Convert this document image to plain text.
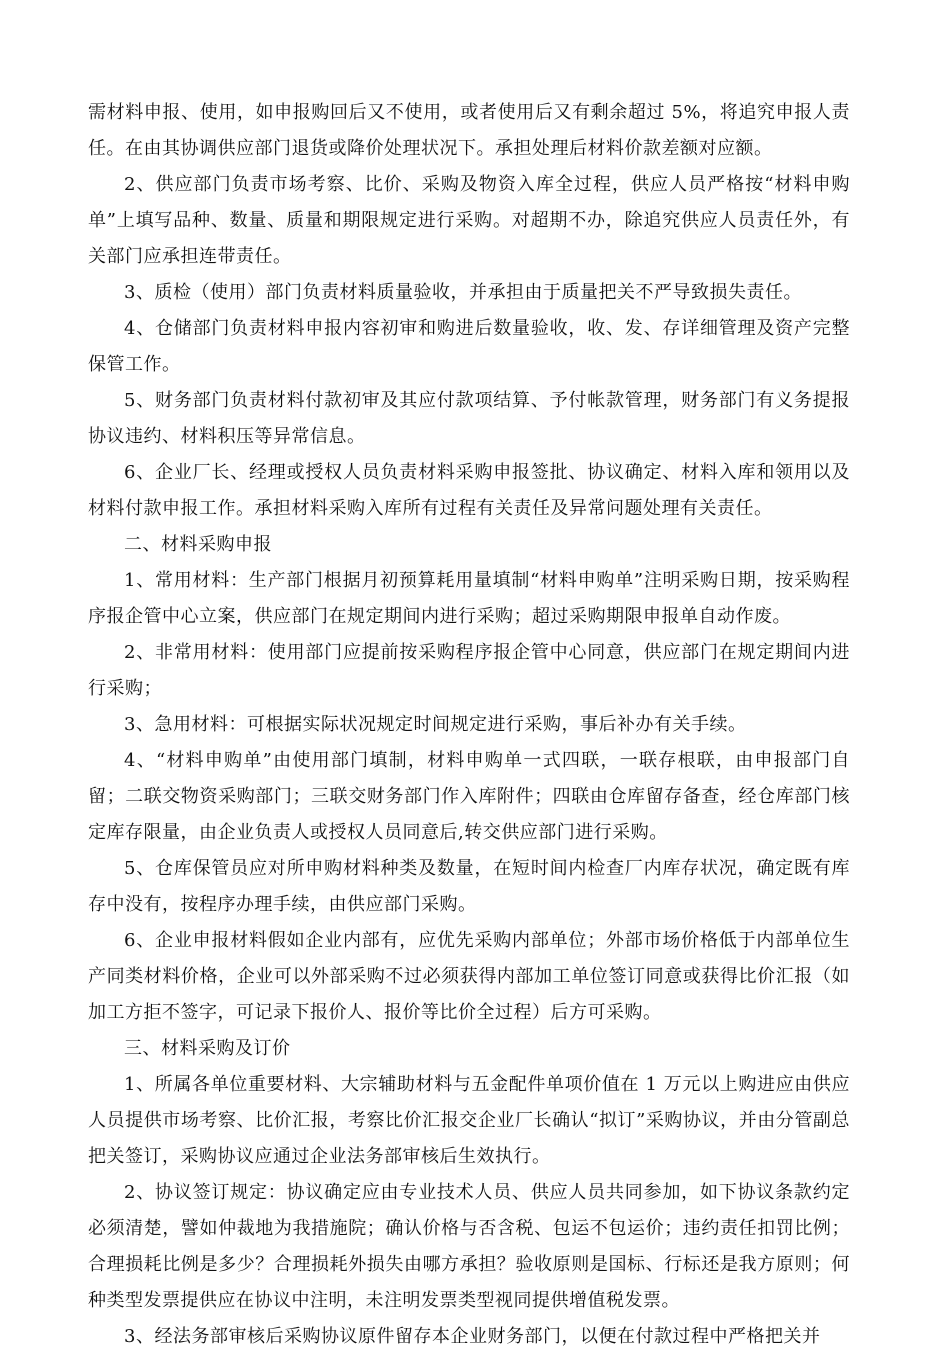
需材料申报、使用，如申报购回后又不使用，或者使用后又有剩余超过 5%，将追究申报人责任。在由其协调供应部门退货或降价处理状况下。承担处理后材料价款差额对应额。

2、供应部门负责市场考察、比价、采购及物资入库全过程，供应人员严格按“材料申购单”上填写品种、数量、质量和期限规定进行采购。对超期不办，除追究供应人员责任外，有关部门应承担连带责任。

3、质检（使用）部门负责材料质量验收，并承担由于质量把关不严导致损失责任。

4、仓储部门负责材料申报内容初审和购进后数量验收，收、发、存详细管理及资产完整保管工作。

5、财务部门负责材料付款初审及其应付款项结算、予付帐款管理，财务部门有义务提报协议违约、材料积压等异常信息。

6、企业厂长、经理或授权人员负责材料采购申报签批、协议确定、材料入库和领用以及材料付款申报工作。承担材料采购入库所有过程有关责任及异常问题处理有关责任。

二、材料采购申报

1、常用材料：生产部门根据月初预算耗用量填制“材料申购单”注明采购日期，按采购程序报企管中心立案，供应部门在规定期间内进行采购；超过采购期限申报单自动作废。

2、非常用材料：使用部门应提前按采购程序报企管中心同意，供应部门在规定期间内进行采购；

3、急用材料：可根据实际状况规定时间规定进行采购，事后补办有关手续。

4、“材料申购单”由使用部门填制，材料申购单一式四联，一联存根联，由申报部门自留；二联交物资采购部门；三联交财务部门作入库附件；四联由仓库留存备查，经仓库部门核定库存限量，由企业负责人或授权人员同意后,转交供应部门进行采购。

5、仓库保管员应对所申购材料种类及数量，在短时间内检查厂内库存状况，确定既有库存中没有，按程序办理手续，由供应部门采购。

6、企业申报材料假如企业内部有，应优先采购内部单位；外部市场价格低于内部单位生产同类材料价格，企业可以外部采购不过必须获得内部加工单位签订同意或获得比价汇报（如加工方拒不签字，可记录下报价人、报价等比价全过程）后方可采购。

三、材料采购及订价

1、所属各单位重要材料、大宗辅助材料与五金配件单项价值在 1 万元以上购进应由供应人员提供市场考察、比价汇报，考察比价汇报交企业厂长确认“拟订”采购协议，并由分管副总把关签订，采购协议应通过企业法务部审核后生效执行。

2、协议签订规定：协议确定应由专业技术人员、供应人员共同参加，如下协议条款约定必须清楚，譬如仲裁地为我措施院；确认价格与否含税、包运不包运价；违约责任扣罚比例；合理损耗比例是多少？合理损耗外损失由哪方承担？验收原则是国标、行标还是我方原则；何种类型发票提供应在协议中注明，未注明发票类型视同提供增值税发票。

3、经法务部审核后采购协议原件留存本企业财务部门，以便在付款过程中严格把关并
